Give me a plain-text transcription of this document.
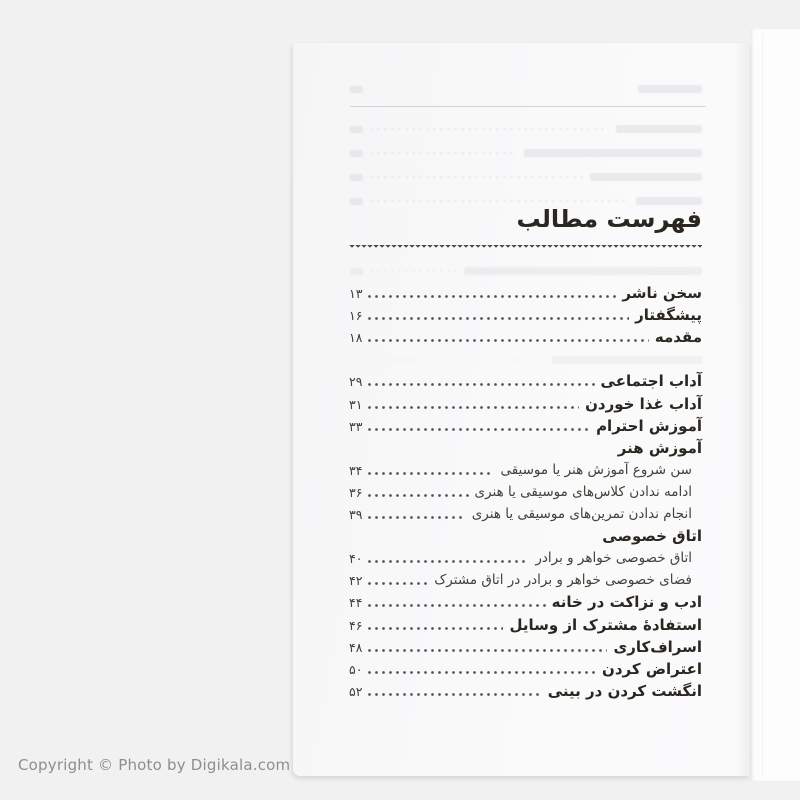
فهرست مطالب
سخن ناشر
۱۳
پیشگفتار
۱۶
مقدمه
۱۸
آداب اجتماعی
۲۹
آداب غذا خوردن
۳۱
آموزش احترام
۳۳
آموزش هنر
سن شروع آموزش هنر یا موسیقی
۳۴
ادامه ندادن کلاس‌های موسیقی یا هنری
۳۶
انجام ندادن تمرین‌های موسیقی یا هنری
۳۹
اتاق خصوصی
اتاق خصوصی خواهر و برادر
۴۰
فضای خصوصی خواهر و برادر در اتاق مشترک
۴۲
ادب و نزاکت در خانه
۴۴
استفادهٔ مشترک از وسایل
۴۶
اسراف‌کاری
۴۸
اعتراض کردن
۵۰
انگشت کردن در بینی
۵۲
Copyright © Photo by Digikala.com
